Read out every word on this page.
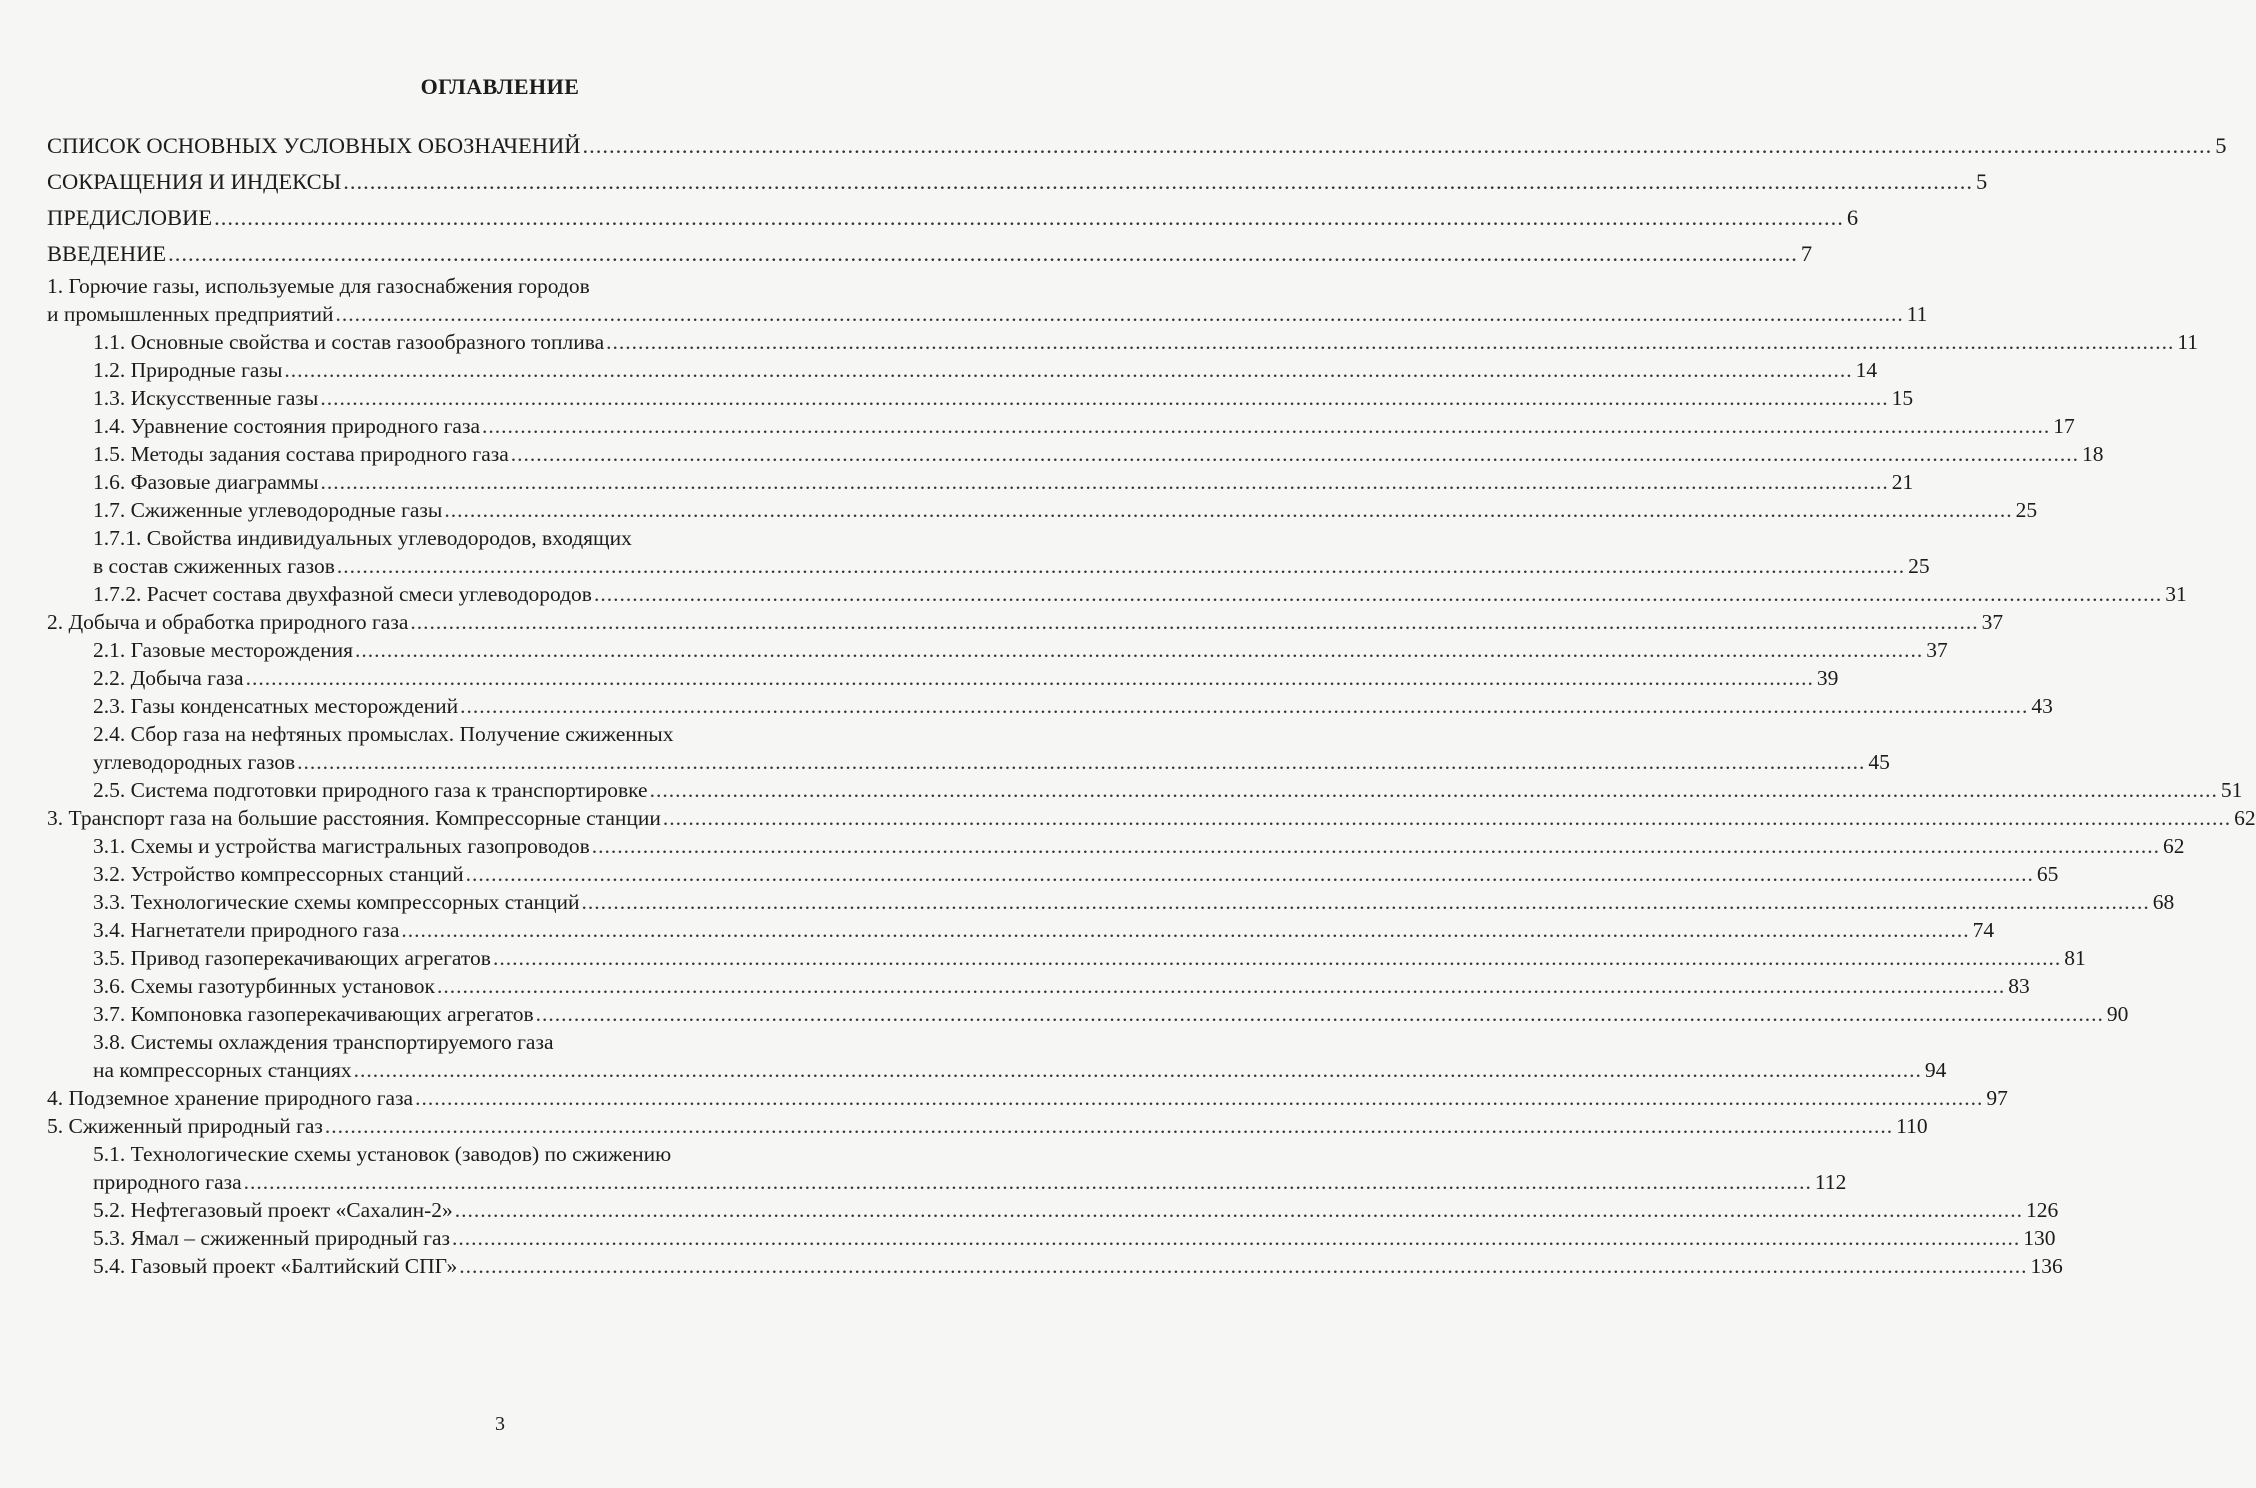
ОГЛАВЛЕНИЕ
СПИСОК ОСНОВНЫХ УСЛОВНЫХ ОБОЗНАЧЕНИЙ ...................................................................................................................................................................................................................................................... 5
СОКРАЩЕНИЯ И ИНДЕКСЫ ...................................................................................................................................................................................................................................................... 5
ПРЕДИСЛОВИЕ ...................................................................................................................................................................................................................................................... 6
ВВЕДЕНИЕ ...................................................................................................................................................................................................................................................... 7
1. Горючие газы, используемые для газоснабжения городов
и промышленных предприятий ...................................................................................................................................................................................................................................................... 11
1.1. Основные свойства и состав газообразного топлива ...................................................................................................................................................................................................................................................... 11
1.2. Природные газы ...................................................................................................................................................................................................................................................... 14
1.3. Искусственные газы ...................................................................................................................................................................................................................................................... 15
1.4. Уравнение состояния природного газа ...................................................................................................................................................................................................................................................... 17
1.5. Методы задания состава природного газа ...................................................................................................................................................................................................................................................... 18
1.6. Фазовые диаграммы ...................................................................................................................................................................................................................................................... 21
1.7. Сжиженные углеводородные газы ...................................................................................................................................................................................................................................................... 25
1.7.1. Свойства индивидуальных углеводородов, входящих
в состав сжиженных газов ...................................................................................................................................................................................................................................................... 25
1.7.2. Расчет состава двухфазной смеси углеводородов ...................................................................................................................................................................................................................................................... 31
2. Добыча и обработка природного газа ...................................................................................................................................................................................................................................................... 37
2.1. Газовые месторождения ...................................................................................................................................................................................................................................................... 37
2.2. Добыча газа ...................................................................................................................................................................................................................................................... 39
2.3. Газы конденсатных месторождений ...................................................................................................................................................................................................................................................... 43
2.4. Сбор газа на нефтяных промыслах. Получение сжиженных
углеводородных газов ...................................................................................................................................................................................................................................................... 45
2.5. Система подготовки природного газа к транспортировке ...................................................................................................................................................................................................................................................... 51
3. Транспорт газа на большие расстояния. Компрессорные станции ...................................................................................................................................................................................................................................................... 62
3.1. Схемы и устройства магистральных газопроводов ...................................................................................................................................................................................................................................................... 62
3.2. Устройство компрессорных станций ...................................................................................................................................................................................................................................................... 65
3.3. Технологические схемы компрессорных станций ...................................................................................................................................................................................................................................................... 68
3.4. Нагнетатели природного газа ...................................................................................................................................................................................................................................................... 74
3.5. Привод газоперекачивающих агрегатов ...................................................................................................................................................................................................................................................... 81
3.6. Схемы газотурбинных установок ...................................................................................................................................................................................................................................................... 83
3.7. Компоновка газоперекачивающих агрегатов ...................................................................................................................................................................................................................................................... 90
3.8. Системы охлаждения транспортируемого газа
на компрессорных станциях ...................................................................................................................................................................................................................................................... 94
4. Подземное хранение природного газа ...................................................................................................................................................................................................................................................... 97
5. Сжиженный природный газ ...................................................................................................................................................................................................................................................... 110
5.1. Технологические схемы установок (заводов) по сжижению
природного газа ...................................................................................................................................................................................................................................................... 112
5.2. Нефтегазовый проект «Сахалин-2» ...................................................................................................................................................................................................................................................... 126
5.3. Ямал – сжиженный природный газ ...................................................................................................................................................................................................................................................... 130
5.4. Газовый проект «Балтийский СПГ» ...................................................................................................................................................................................................................................................... 136
3
